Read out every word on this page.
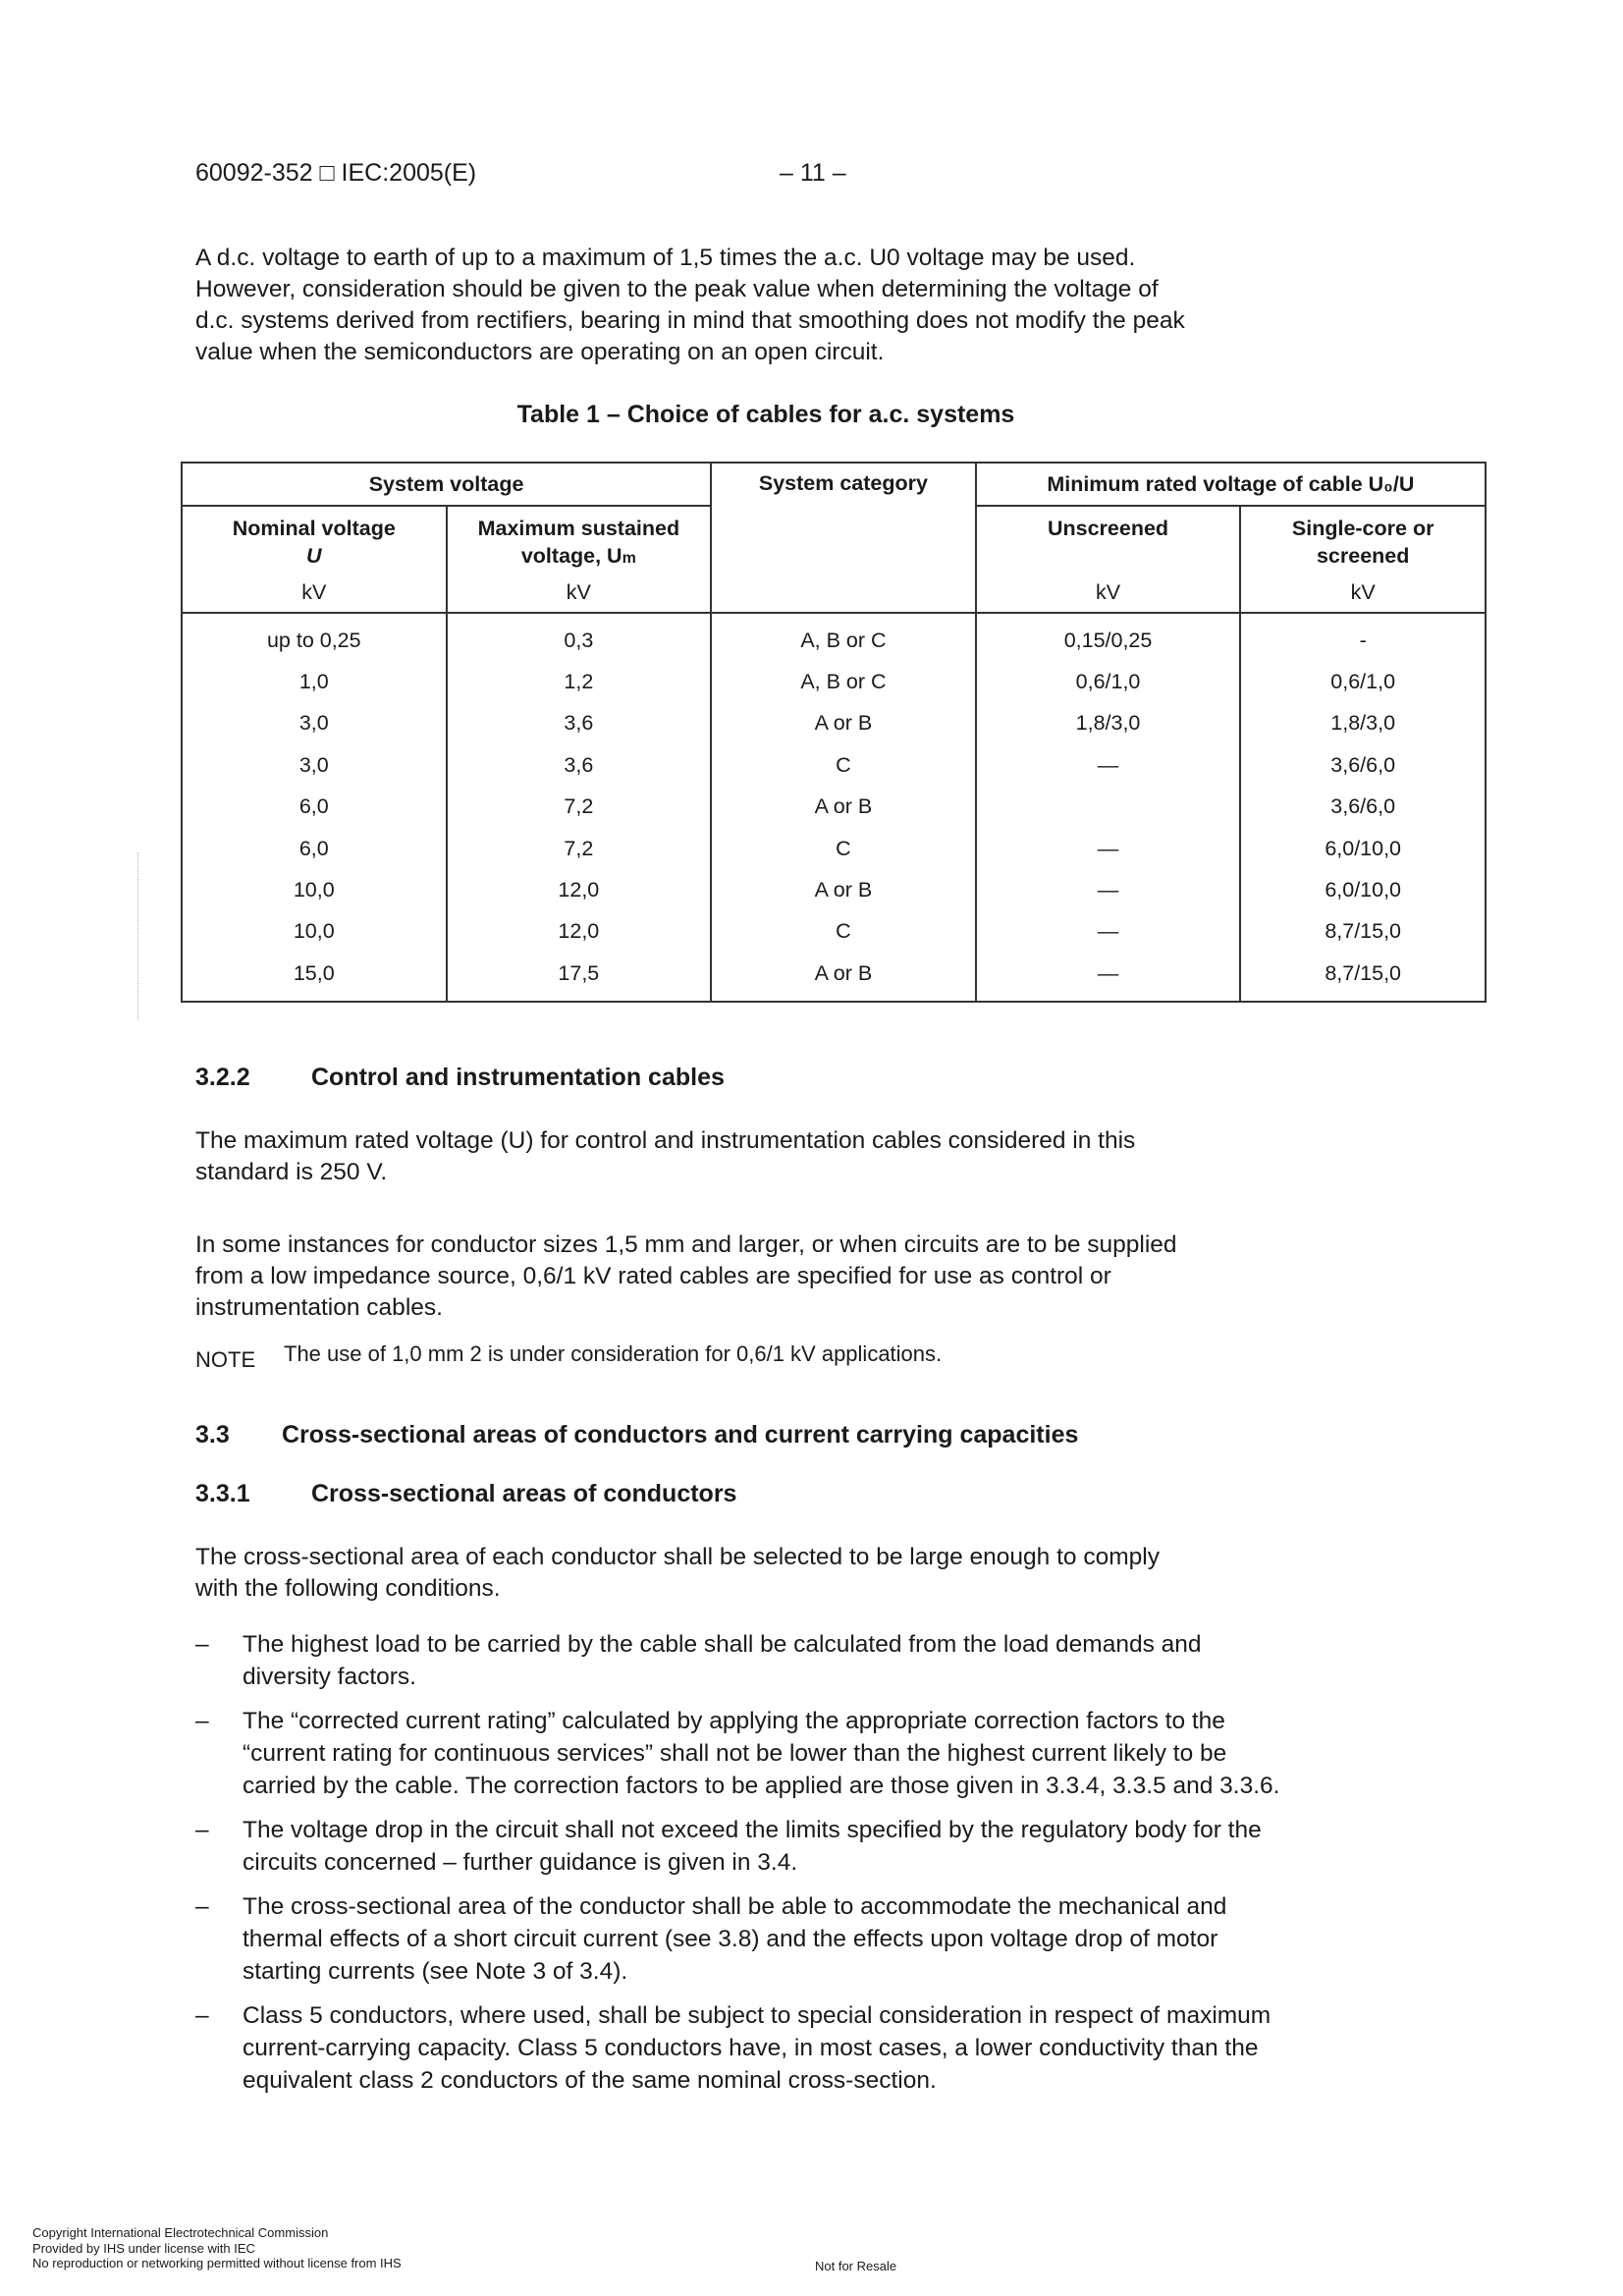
60092-352 □ IEC:2005(E)	– 11 –

A d.c. voltage to earth of up to a maximum of 1,5 times the a.c. U0 voltage may be used.

However, consideration should be given to the peak value when determining the voltage of

d.c. systems derived from rectifiers, bearing in mind that smoothing does not modify the peak

value when the semiconductors are operating on an open circuit.

Table 1 – Choice of cables for a.c. systems
System voltage		System category	Minimum rated voltage of cable U₀/U	

Nominal voltage
U	Maximum sustained
voltage, Um		Unscreened	Single-core or
screened

kV	kV		kV	kV
up to 0,25	0,3	A, B or C	0,15/0,25	-
1,0	1,2	A, B or C	0,6/1,0	0,6/1,0
3,0	3,6	A or B	1,8/3,0	1,8/3,0
3,0	3,6	C	—	3,6/6,0
6,0	7,2	A or B		3,6/6,0
6,0	7,2	C	—	6,0/10,0
10,0	12,0	A or B	—	6,0/10,0
10,0	12,0	C	—	8,7/15,0
15,0	17,5	A or B	—	8,7/15,0
3.2.2 Control and instrumentation cables

The maximum rated voltage (U) for control and instrumentation cables considered in this

standard is 250 V.

In some instances for conductor sizes 1,5 mm and larger, or when circuits are to be supplied

from a low impedance source, 0,6/1 kV rated cables are specified for use as control or

instrumentation cables.

NOTE The use of 1,0 mm 2 is under consideration for 0,6/1 kV applications.
3.3 Cross-sectional areas of conductors and current carrying capacities
3.3.1 Cross-sectional areas of conductors

The cross-sectional area of each conductor shall be selected to be large enough to comply

with the following conditions.

– The highest load to be carried by the cable shall be calculated from the load demands and diversity factors.
– The “corrected current rating” calculated by applying the appropriate correction factors to the “current rating for continuous services” shall not be lower than the highest current likely to be carried by the cable. The correction factors to be applied are those given in 3.3.4, 3.3.5 and 3.3.6.
– The voltage drop in the circuit shall not exceed the limits specified by the regulatory body for the circuits concerned – further guidance is given in 3.4.
– The cross-sectional area of the conductor shall be able to accommodate the mechanical and thermal effects of a short circuit current (see 3.8) and the effects upon voltage drop of motor starting currents (see Note 3 of 3.4).
– Class 5 conductors, where used, shall be subject to special consideration in respect of maximum current-carrying capacity. Class 5 conductors have, in most cases, a lower conductivity than the equivalent class 2 conductors of the same nominal cross-section.

Copyright International Electrotechnical Commission

Provided by IHS under license with IEC

No reproduction or networking permitted without license from IHS	Not for Resale
